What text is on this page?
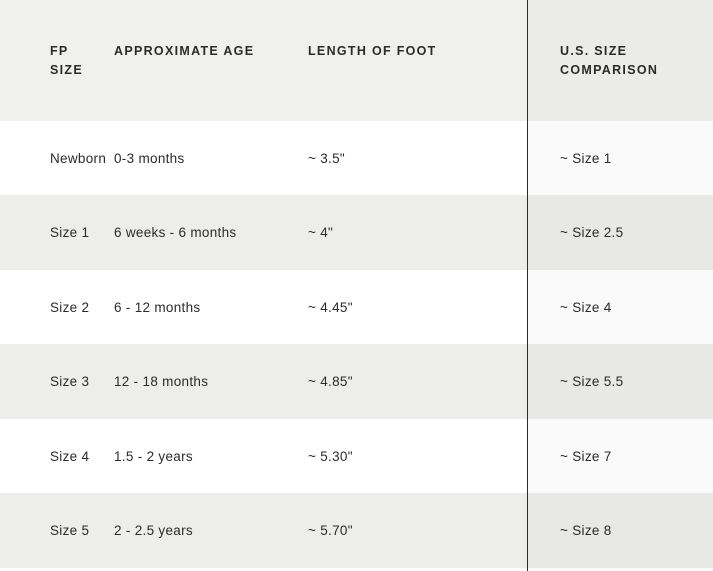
FP SIZE	APPROXIMATE AGE	LENGTH OF FOOT	U.S. SIZE
COMPARISON

Newborn	0-3 months	~ 3.5"	~ Size 1
Size 1	6 weeks - 6 months	~ 4"	~ Size 2.5
Size 2	6 - 12 months	~ 4.45"	~ Size 4
Size 3	12 - 18 months	~ 4.85"	~ Size 5.5
Size 4	1.5 - 2 years	~ 5.30"	~ Size 7
Size 5	2 - 2.5 years	~ 5.70"	~ Size 8
